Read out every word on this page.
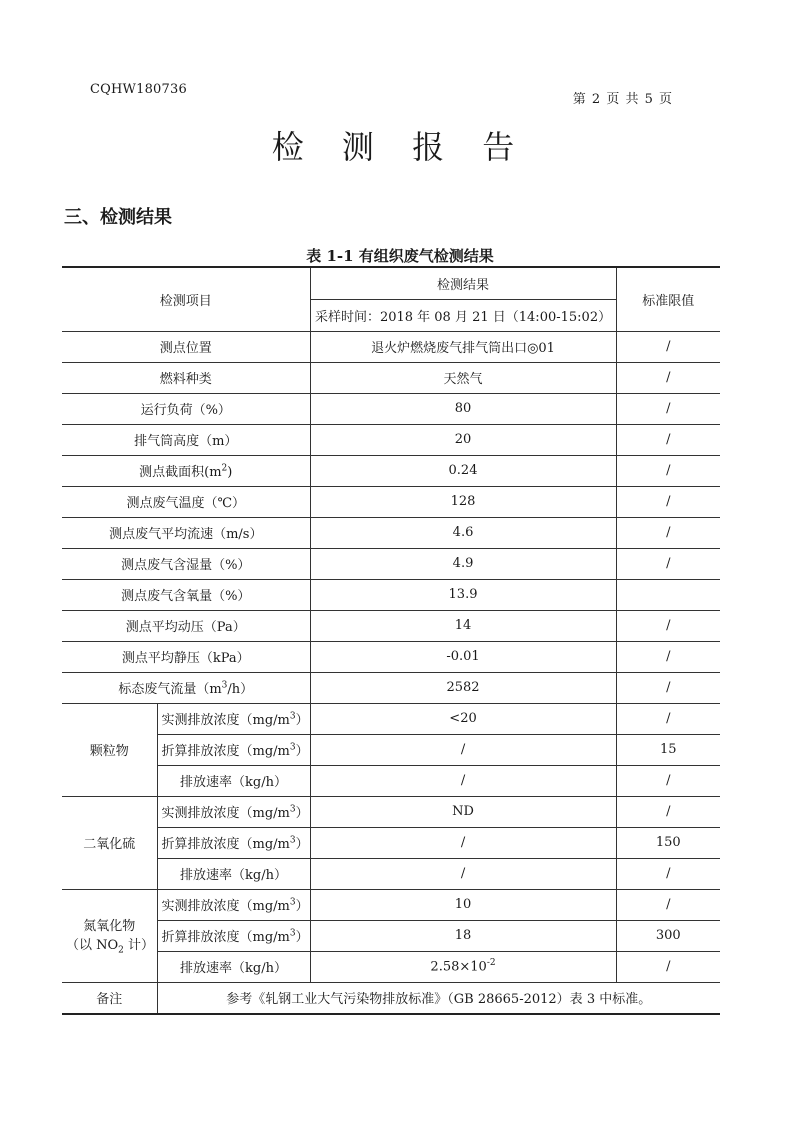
CQHW180736
第 2 页 共 5 页
检 测 报 告
三、检测结果
表 1-1 有组织废气检测结果
检测项目		检测结果	标准限值
		采样时间：2018 年 08 月 21 日（14:00-15:02）	
测点位置		退火炉燃烧废气排气筒出口◎01	/
燃料种类		天然气	/
运行负荷（%）		80	/
排气筒高度（m）		20	/
测点截面积$(m^2)$		0.24	/
测点废气温度（℃）		128	/
测点废气平均流速（m/s）		4.6	/
测点废气含湿量（%）		4.9	/
测点废气含氧量（%）		13.9	
测点平均动压（Pa）		14	/
测点平均静压（kPa）		-0.01	/
标态废气流量$(m^3/h)$		2582	/
颗粒物	实测排放浓度$(mg/m^3)$	<20	/
	折算排放浓度$(mg/m^3)$	/	15
	排放速率（kg/h）	/	/
二氧化硫	实测排放浓度$(mg/m^3)$	ND	/
	折算排放浓度$(mg/m^3)$	/	150
	排放速率（kg/h）	/	/
氮氧化物
（以 $NO_2$ 计）	实测排放浓度$(mg/m^3)$	10	/
	折算排放浓度$(mg/m^3)$	18	300
	排放速率（kg/h）	$2.58\times 10^{-2}$	/
备注	参考《轧钢工业大气污染物排放标准》（GB 28665-2012）表 3 中标准。		
